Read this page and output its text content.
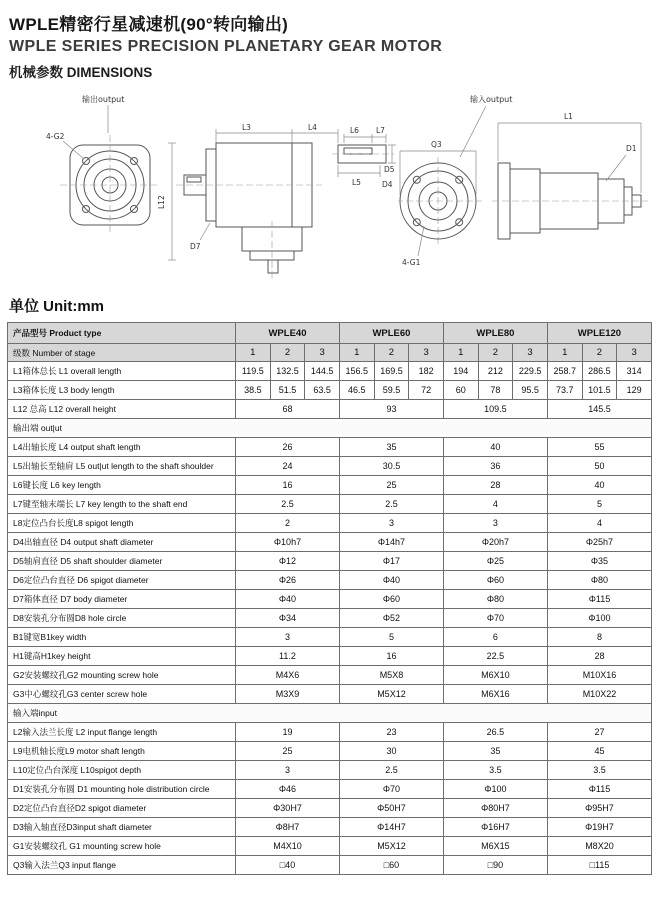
WPLE精密行星减速机(90°转向输出)
WPLE SERIES PRECISION PLANETARY GEAR MOTOR
机械参数 DIMENSIONS
输出output
4-G2
L3	L4	L6 L7
L5
L12
D5
D4
D7
输入output
Q3
L1
D1
4-G1
单位 Unit:mm
产品型号 Product type	WPLE40			WPLE60			WPLE80			WPLE120		
级数 Number of stage	1	2	3	1	2	3	1	2	3	1	2	3
L1箱体总长 L1 overall length	119.5	132.5	144.5	156.5	169.5	182	194	212	229.5	258.7	286.5	314
L3箱体长度 L3 body length	38.5	51.5	63.5	46.5	59.5	72	60	78	95.5	73.7	101.5	129
L12 总高 L12 overall height	68			93			109.5			145.5		
输出端 out|ut												
L4出轴长度 L4 output shaft length	26			35			40			55		
L5出轴长至轴肩 L5 out|ut length to the shaft shoulder	24			30.5			36			50		
L6键长度 L6 key length	16			25			28			40		
L7键至轴末端长 L7 key length to the shaft end	2.5			2.5			4			5		
L8定位凸台长度L8 spigot length	2			3			3			4		
D4出轴直径 D4 output shaft diameter	Φ10h7			Φ14h7			Φ20h7			Φ25h7		
D5轴肩直径 D5 shaft shoulder diameter	Φ12			Φ17			Φ25			Φ35		
D6定位凸台直径 D6 spigot diameter	Φ26			Φ40			Φ60			Φ80		
D7箱体直径 D7 body diameter	Φ40			Φ60			Φ80			Φ115		
D8安装孔分布圆D8 hole circle	Φ34			Φ52			Φ70			Φ100		
B1键宽B1key width	3			5			6			8		
H1键高H1key height	11.2			16			22.5			28		
G2安装螺纹孔G2 mounting screw hole	M4X6			M5X8			M6X10			M10X16		
G3中心螺纹孔G3 center screw hole	M3X9			M5X12			M6X16			M10X22		
输入端input												
L2输入法兰长度 L2 input flange length	19			23			26.5			27		
L9电机轴长度L9 motor shaft length	25			30			35			45		
L10定位凸台深度 L10spigot depth	3			2.5			3.5			3.5		
D1安装孔分布圆 D1 mounting hole distribution circle	Φ46			Φ70			Φ100			Φ115		
D2定位凸台直径D2 spigot diameter	Φ30H7			Φ50H7			Φ80H7			Φ95H7		
D3输入轴直径D3input shaft diameter	Φ8H7			Φ14H7			Φ16H7			Φ19H7		
G1安装螺纹孔 G1 mounting screw hole	M4X10			M5X12			M6X15			M8X20		
Q3输入法兰Q3 input flange	□40			□60			□90			□115		
